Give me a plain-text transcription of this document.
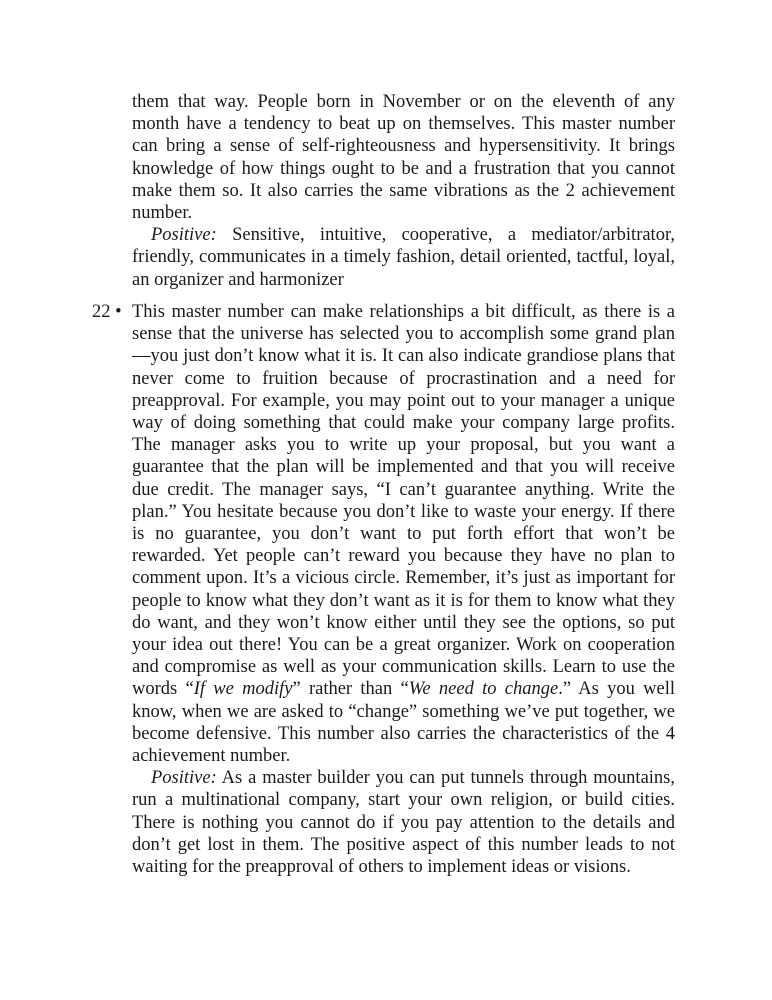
them that way. People born in November or on the eleventh of any month have a tendency to beat up on themselves. This master number can bring a sense of self-righteousness and hypersensitivity. It brings knowledge of how things ought to be and a frustration that you cannot make them so. It also carries the same vibrations as the 2 achievement number.

Positive: Sensitive, intuitive, cooperative, a mediator/arbitrator, friendly, communicates in a timely fashion, detail oriented, tactful, loyal, an organizer and harmonizer

22 • This master number can make relationships a bit difficult, as there is a sense that the universe has selected you to accomplish some grand plan —you just don’t know what it is. It can also indicate grandiose plans that never come to fruition because of procrastination and a need for preapproval. For example, you may point out to your manager a unique way of doing something that could make your company large profits. The manager asks you to write up your proposal, but you want a guarantee that the plan will be implemented and that you will receive due credit. The manager says, “I can’t guarantee anything. Write the plan.” You hesitate because you don’t like to waste your energy. If there is no guarantee, you don’t want to put forth effort that won’t be rewarded. Yet people can’t reward you because they have no plan to comment upon. It’s a vicious circle. Remember, it’s just as important for people to know what they don’t want as it is for them to know what they do want, and they won’t know either until they see the options, so put your idea out there! You can be a great organizer. Work on cooperation and compromise as well as your communication skills. Learn to use the words “If we modify” rather than “We need to change.” As you well know, when we are asked to “change” something we’ve put together, we become defensive. This number also carries the characteristics of the 4 achievement number.

Positive: As a master builder you can put tunnels through mountains, run a multinational company, start your own religion, or build cities. There is nothing you cannot do if you pay attention to the details and don’t get lost in them. The positive aspect of this number leads to not waiting for the preapproval of others to implement ideas or visions.
